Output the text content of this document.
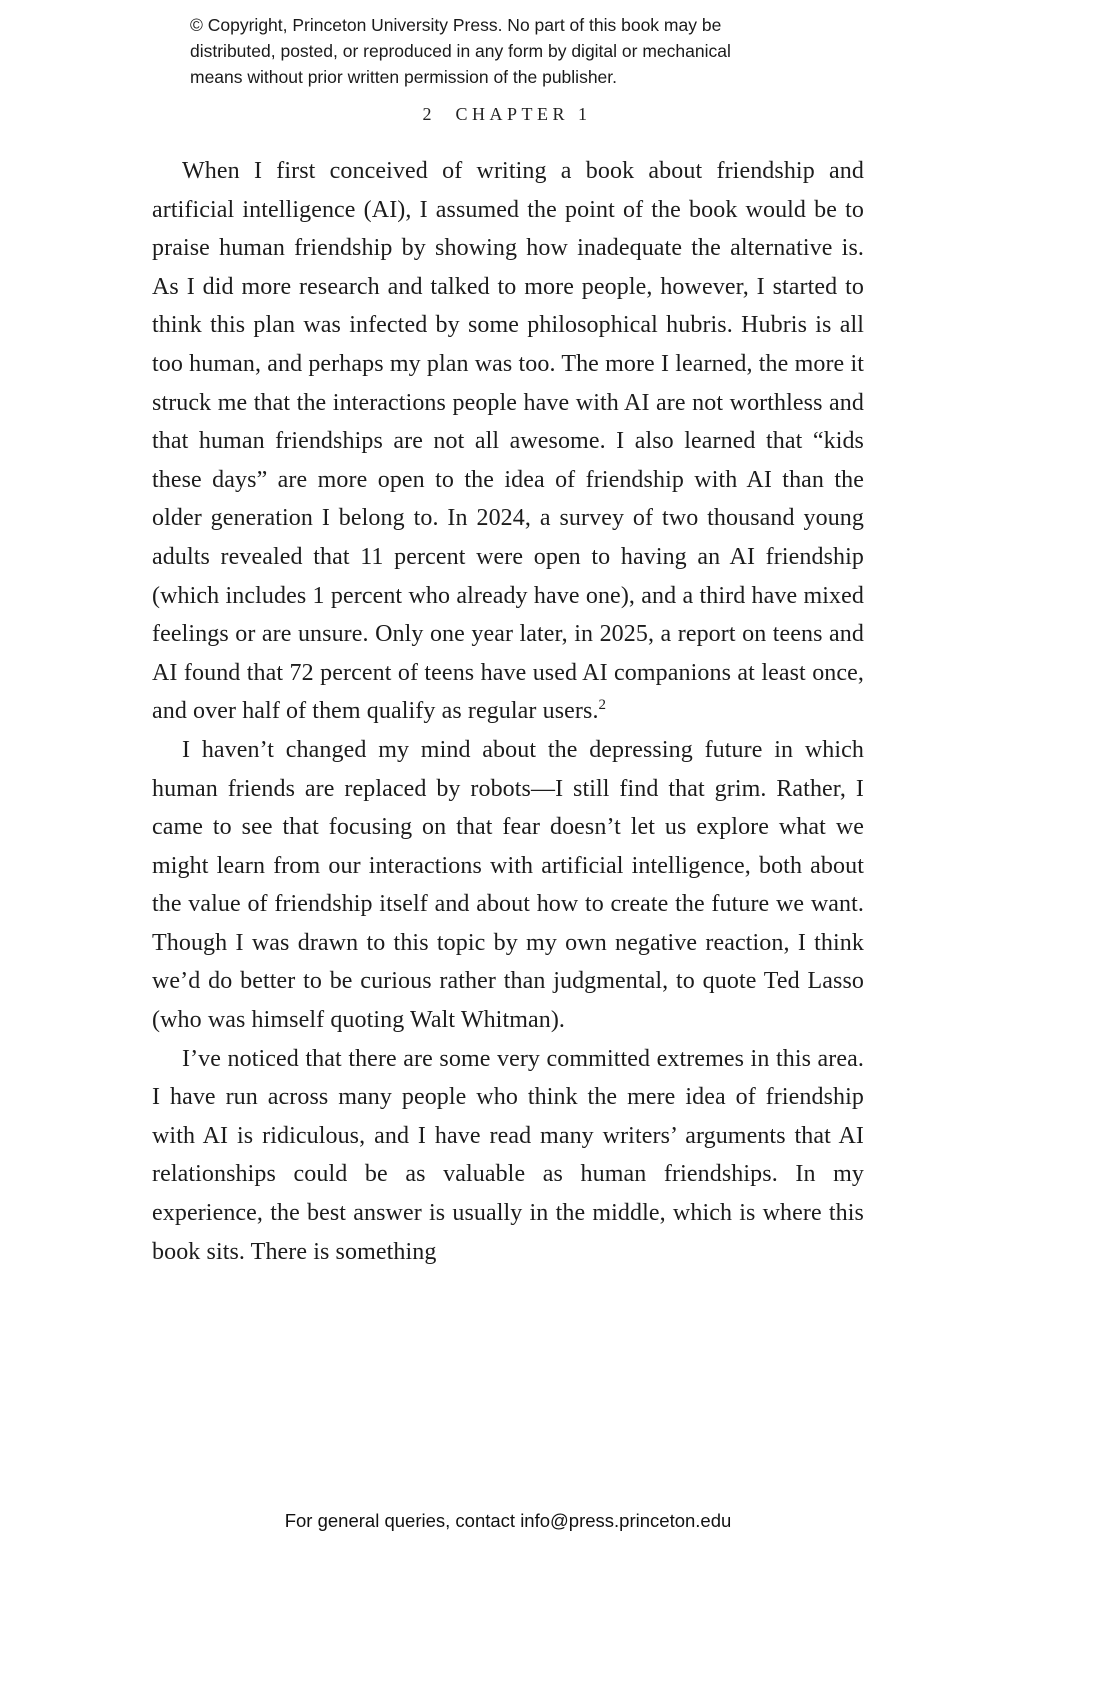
© Copyright, Princeton University Press. No part of this book may be
distributed, posted, or reproduced in any form by digital or mechanical
means without prior written permission of the publisher.
2 CHAPTER 1

When I first conceived of writing a book about friendship and artificial intelligence (AI), I assumed the point of the book would be to praise human friendship by showing how inadequate the alternative is. As I did more research and talked to more people, however, I started to think this plan was infected by some philosophical hubris. Hubris is all too human, and perhaps my plan was too. The more I learned, the more it struck me that the interactions people have with AI are not worthless and that human friendships are not all awesome. I also learned that “kids these days” are more open to the idea of friendship with AI than the older generation I belong to. In 2024, a survey of two thousand young adults revealed that 11 percent were open to having an AI friendship (which includes 1 percent who already have one), and a third have mixed feelings or are unsure. Only one year later, in 2025, a report on teens and AI found that 72 percent of teens have used AI companions at least once, and over half of them qualify as regular users.$^2$

I haven’t changed my mind about the depressing future in which human friends are replaced by robots—I still find that grim. Rather, I came to see that focusing on that fear doesn’t let us explore what we might learn from our interactions with artificial intelligence, both about the value of friendship itself and about how to create the future we want. Though I was drawn to this topic by my own negative reaction, I think we’d do better to be curious rather than judgmental, to quote Ted Lasso (who was himself quoting Walt Whitman).

I’ve noticed that there are some very committed extremes in this area. I have run across many people who think the mere idea of friendship with AI is ridiculous, and I have read many writers’ arguments that AI relationships could be as valuable as human friendships. In my experience, the best answer is usually in the middle, which is where this book sits. There is something

For general queries, contact info@press.princeton.edu
